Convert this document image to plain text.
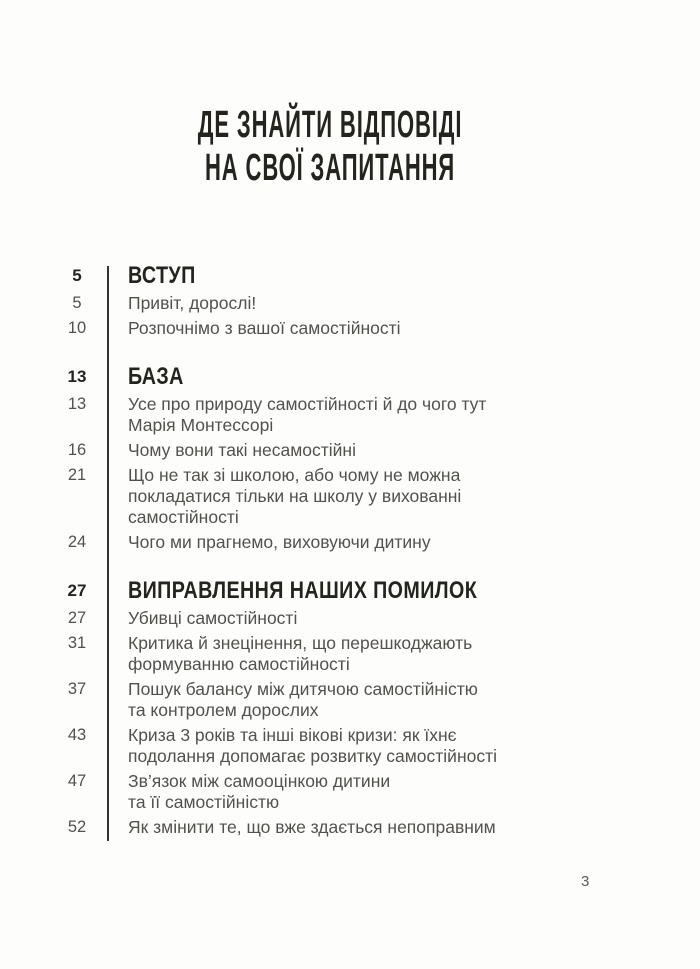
ДЕ ЗНАЙТИ ВІДПОВІДІ
НА СВОЇ ЗАПИТАННЯ
5	ВСТУП
5	Привіт, дорослі!
10	Розпочнімо з вашої самостійності
13	БАЗА
13	Усе про природу самостійності й до чого тут
Марія Монтессорі
16	Чому вони такі несамостійні
21	Що не так зі школою, або чому не можна
покладатися тільки на школу у вихованні
самостійності
24	Чого ми прагнемо, виховуючи дитину
27	ВИПРАВЛЕННЯ НАШИХ ПОМИЛОК
27	Убивці самостійності
31	Критика й знецінення, що перешкоджають
формуванню самостійності
37	Пошук балансу між дитячою самостійністю
та контролем дорослих
43	Криза 3 років та інші вікові кризи: як їхнє
подолання допомагає розвитку самостійності
47	Зв’язок між самооцінкою дитини
та її самостійністю
52	Як змінити те, що вже здається непоправним
3
